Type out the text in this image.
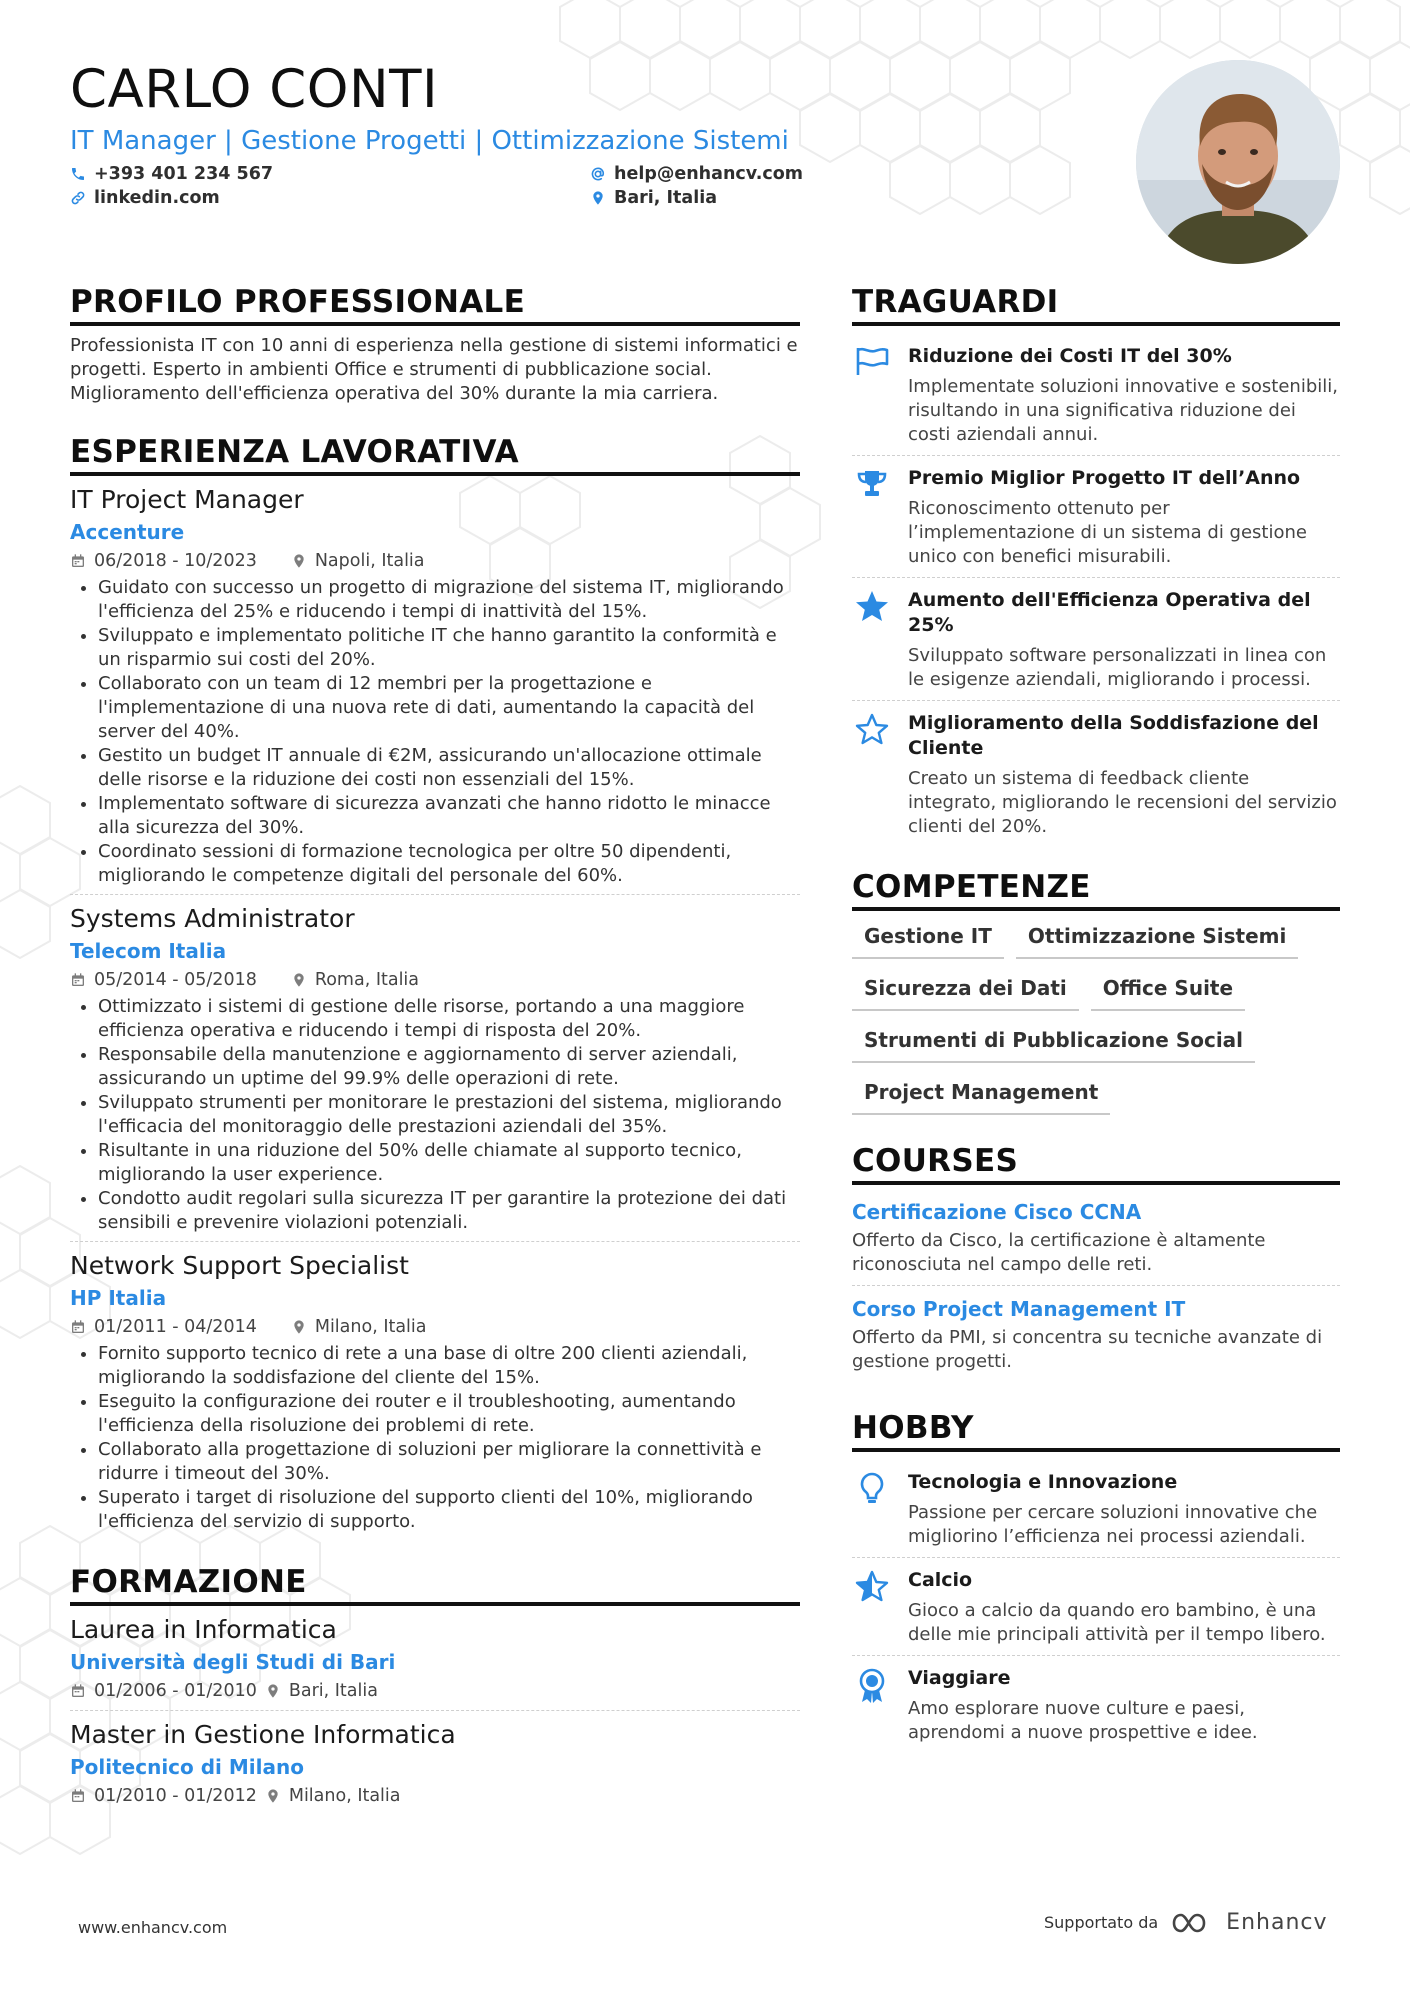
CARLO CONTI
IT Manager | Gestione Progetti | Ottimizzazione Sistemi
+393 401 234 567	help@enhancv.com
linkedin.com	Bari, Italia
PROFILO PROFESSIONALE
Professionista IT con 10 anni di esperienza nella gestione di sistemi informatici e progetti. Esperto in ambienti Office e strumenti di pubblicazione social. Miglioramento dell'efficienza operativa del 30% durante la mia carriera.
ESPERIENZA LAVORATIVA
IT Project Manager
Accenture
06/2018 - 10/2023	Napoli, Italia
• Guidato con successo un progetto di migrazione del sistema IT, migliorando l'efficienza del 25% e riducendo i tempi di inattività del 15%.
• Sviluppato e implementato politiche IT che hanno garantito la conformità e un risparmio sui costi del 20%.
• Collaborato con un team di 12 membri per la progettazione e l'implementazione di una nuova rete di dati, aumentando la capacità del server del 40%.
• Gestito un budget IT annuale di €2M, assicurando un'allocazione ottimale delle risorse e la riduzione dei costi non essenziali del 15%.
• Implementato software di sicurezza avanzati che hanno ridotto le minacce alla sicurezza del 30%.
• Coordinato sessioni di formazione tecnologica per oltre 50 dipendenti, migliorando le competenze digitali del personale del 60%.
Systems Administrator
Telecom Italia
05/2014 - 05/2018	Roma, Italia
• Ottimizzato i sistemi di gestione delle risorse, portando a una maggiore efficienza operativa e riducendo i tempi di risposta del 20%.
• Responsabile della manutenzione e aggiornamento di server aziendali, assicurando un uptime del 99.9% delle operazioni di rete.
• Sviluppato strumenti per monitorare le prestazioni del sistema, migliorando l'efficacia del monitoraggio delle prestazioni aziendali del 35%.
• Risultante in una riduzione del 50% delle chiamate al supporto tecnico, migliorando la user experience.
• Condotto audit regolari sulla sicurezza IT per garantire la protezione dei dati sensibili e prevenire violazioni potenziali.
Network Support Specialist
HP Italia
01/2011 - 04/2014	Milano, Italia
• Fornito supporto tecnico di rete a una base di oltre 200 clienti aziendali, migliorando la soddisfazione del cliente del 15%.
• Eseguito la configurazione dei router e il troubleshooting, aumentando l'efficienza della risoluzione dei problemi di rete.
• Collaborato alla progettazione di soluzioni per migliorare la connettività e ridurre i timeout del 30%.
• Superato i target di risoluzione del supporto clienti del 10%, migliorando l'efficienza del servizio di supporto.
FORMAZIONE
Laurea in Informatica
Università degli Studi di Bari
01/2006 - 01/2010 Bari, Italia
Master in Gestione Informatica
Politecnico di Milano
01/2010 - 01/2012 Milano, Italia
TRAGUARDI
Riduzione dei Costi IT del 30%
Implementate soluzioni innovative e sostenibili, risultando in una significativa riduzione dei costi aziendali annui.
Premio Miglior Progetto IT dell’Anno
Riconoscimento ottenuto per l’implementazione di un sistema di gestione unico con benefici misurabili.
Aumento dell'Efficienza Operativa del 25%
Sviluppato software personalizzati in linea con le esigenze aziendali, migliorando i processi.
Miglioramento della Soddisfazione del Cliente
Creato un sistema di feedback cliente integrato, migliorando le recensioni del servizio clienti del 20%.
COMPETENZE
Gestione IT	Ottimizzazione Sistemi
Sicurezza dei Dati	Office Suite
Strumenti di Pubblicazione Social
Project Management
COURSES
Certificazione Cisco CCNA
Offerto da Cisco, la certificazione è altamente riconosciuta nel campo delle reti.
Corso Project Management IT
Offerto da PMI, si concentra su tecniche avanzate di gestione progetti.
HOBBY
Tecnologia e Innovazione
Passione per cercare soluzioni innovative che migliorino l’efficienza nei processi aziendali.
Calcio
Gioco a calcio da quando ero bambino, è una delle mie principali attività per il tempo libero.
Viaggiare
Amo esplorare nuove culture e paesi, aprendomi a nuove prospettive e idee.
www.enhancv.com	Supportato da	Enhancv
